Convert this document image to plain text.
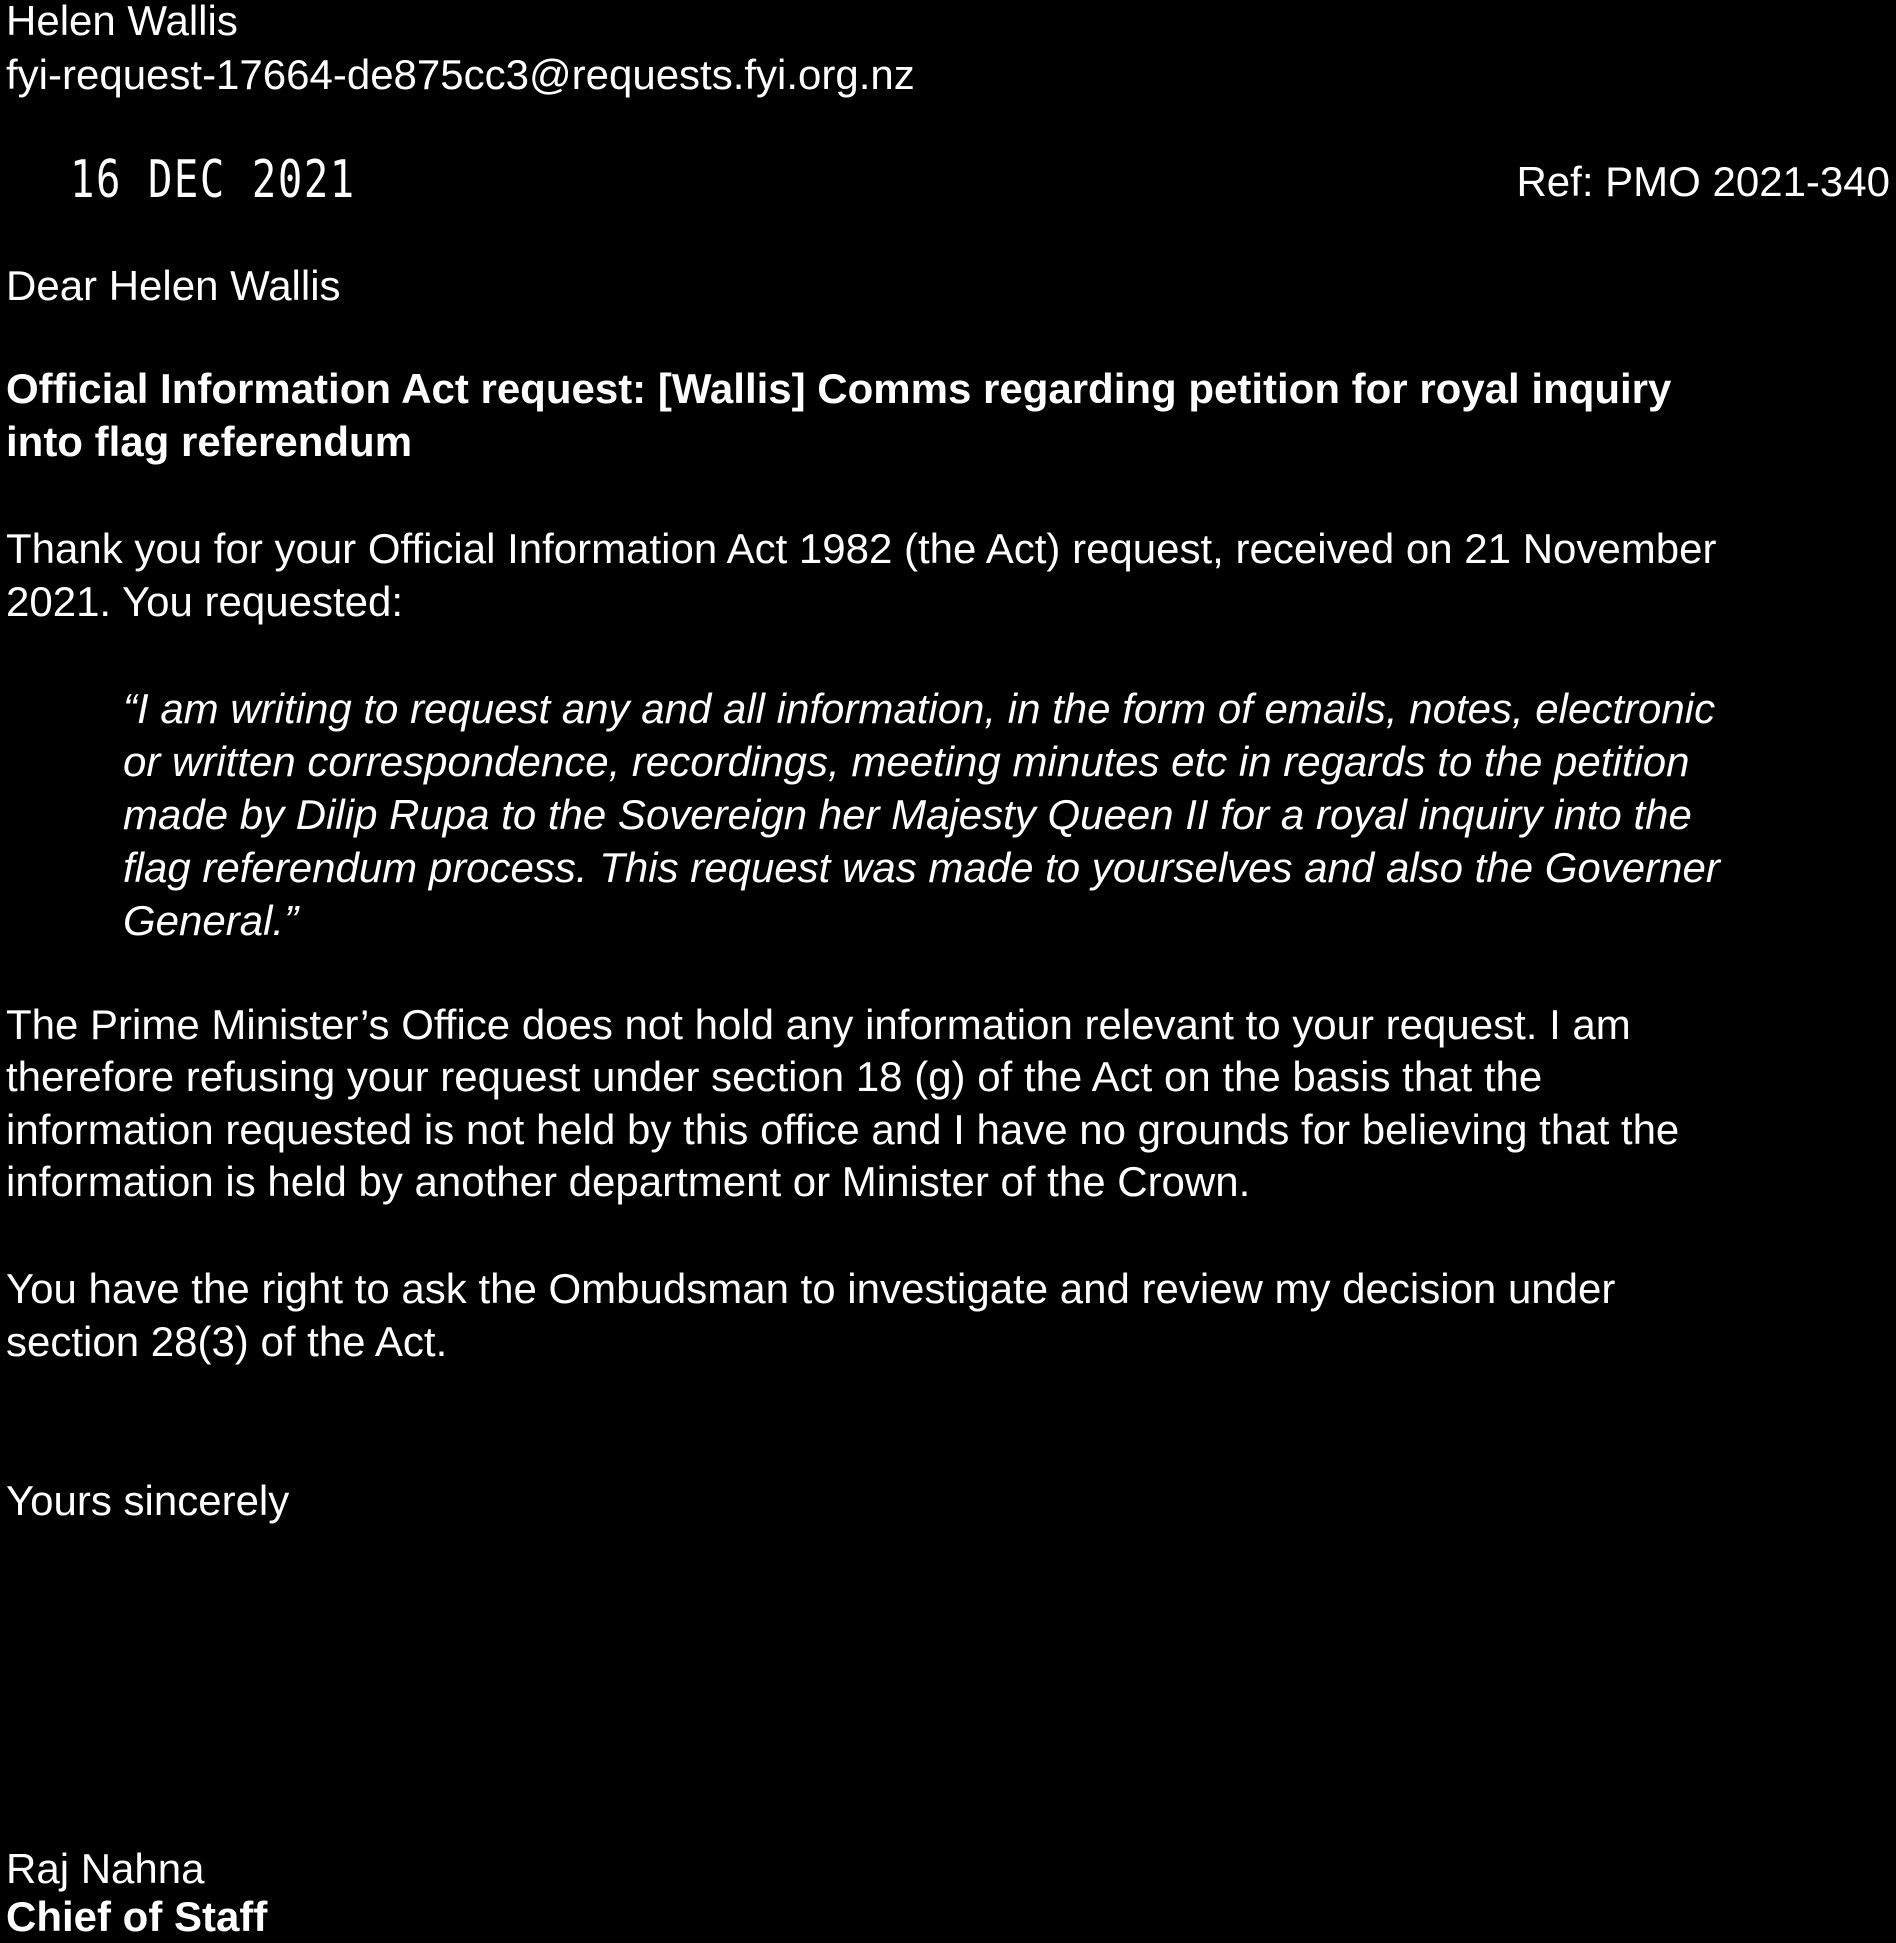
Helen Wallis
fyi-request-17664-de875cc3@requests.fyi.org.nz
16 DEC 2021	Ref: PMO 2021-340
Dear Helen Wallis
Official Information Act request: [Wallis] Comms regarding petition for royal inquiry
into flag referendum
Thank you for your Official Information Act 1982 (the Act) request, received on 21 November
2021. You requested:
“I am writing to request any and all information, in the form of emails, notes, electronic
or written correspondence, recordings, meeting minutes etc in regards to the petition
made by Dilip Rupa to the Sovereign her Majesty Queen II for a royal inquiry into the
flag referendum process. This request was made to yourselves and also the Governer
General.”
The Prime Minister’s Office does not hold any information relevant to your request. I am
therefore refusing your request under section 18 (g) of the Act on the basis that the
information requested is not held by this office and I have no grounds for believing that the
information is held by another department or Minister of the Crown.
You have the right to ask the Ombudsman to investigate and review my decision under
section 28(3) of the Act.
Yours sincerely
Raj Nahna
Chief of Staff
